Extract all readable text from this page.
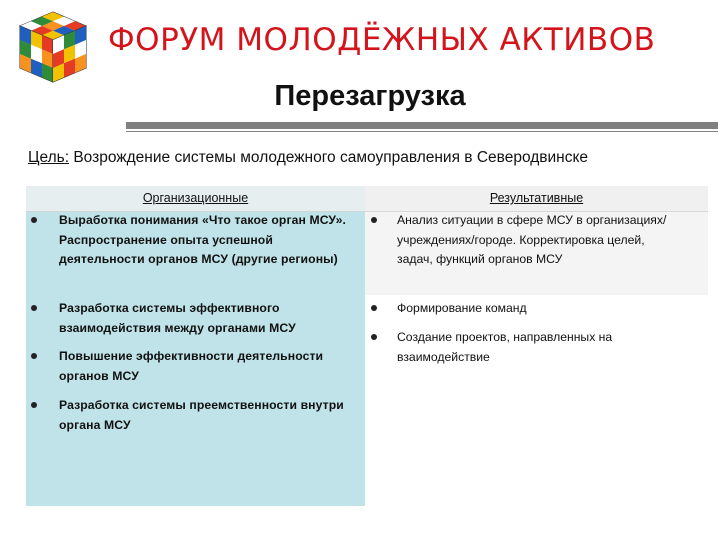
ФОРУМ МОЛОДЁЖНЫХ АКТИВОВ
Перезагрузка
Цель: Возрождение системы молодежного самоуправления в Северодвинске
Организационные	Результативные
Выработка понимания «Что такое орган МСУ». Распространение опыта успешной деятельности органов МСУ (другие регионы)
Разработка системы эффективного взаимодействия между органами МСУ
Повышение эффективности деятельности органов МСУ
Разработка системы преемственности внутри органа МСУ
Анализ ситуации в сфере МСУ в организациях/учреждениях/городе. Корректировка целей, задач, функций органов МСУ
Формирование команд
Создание проектов, направленных на взаимодействие
